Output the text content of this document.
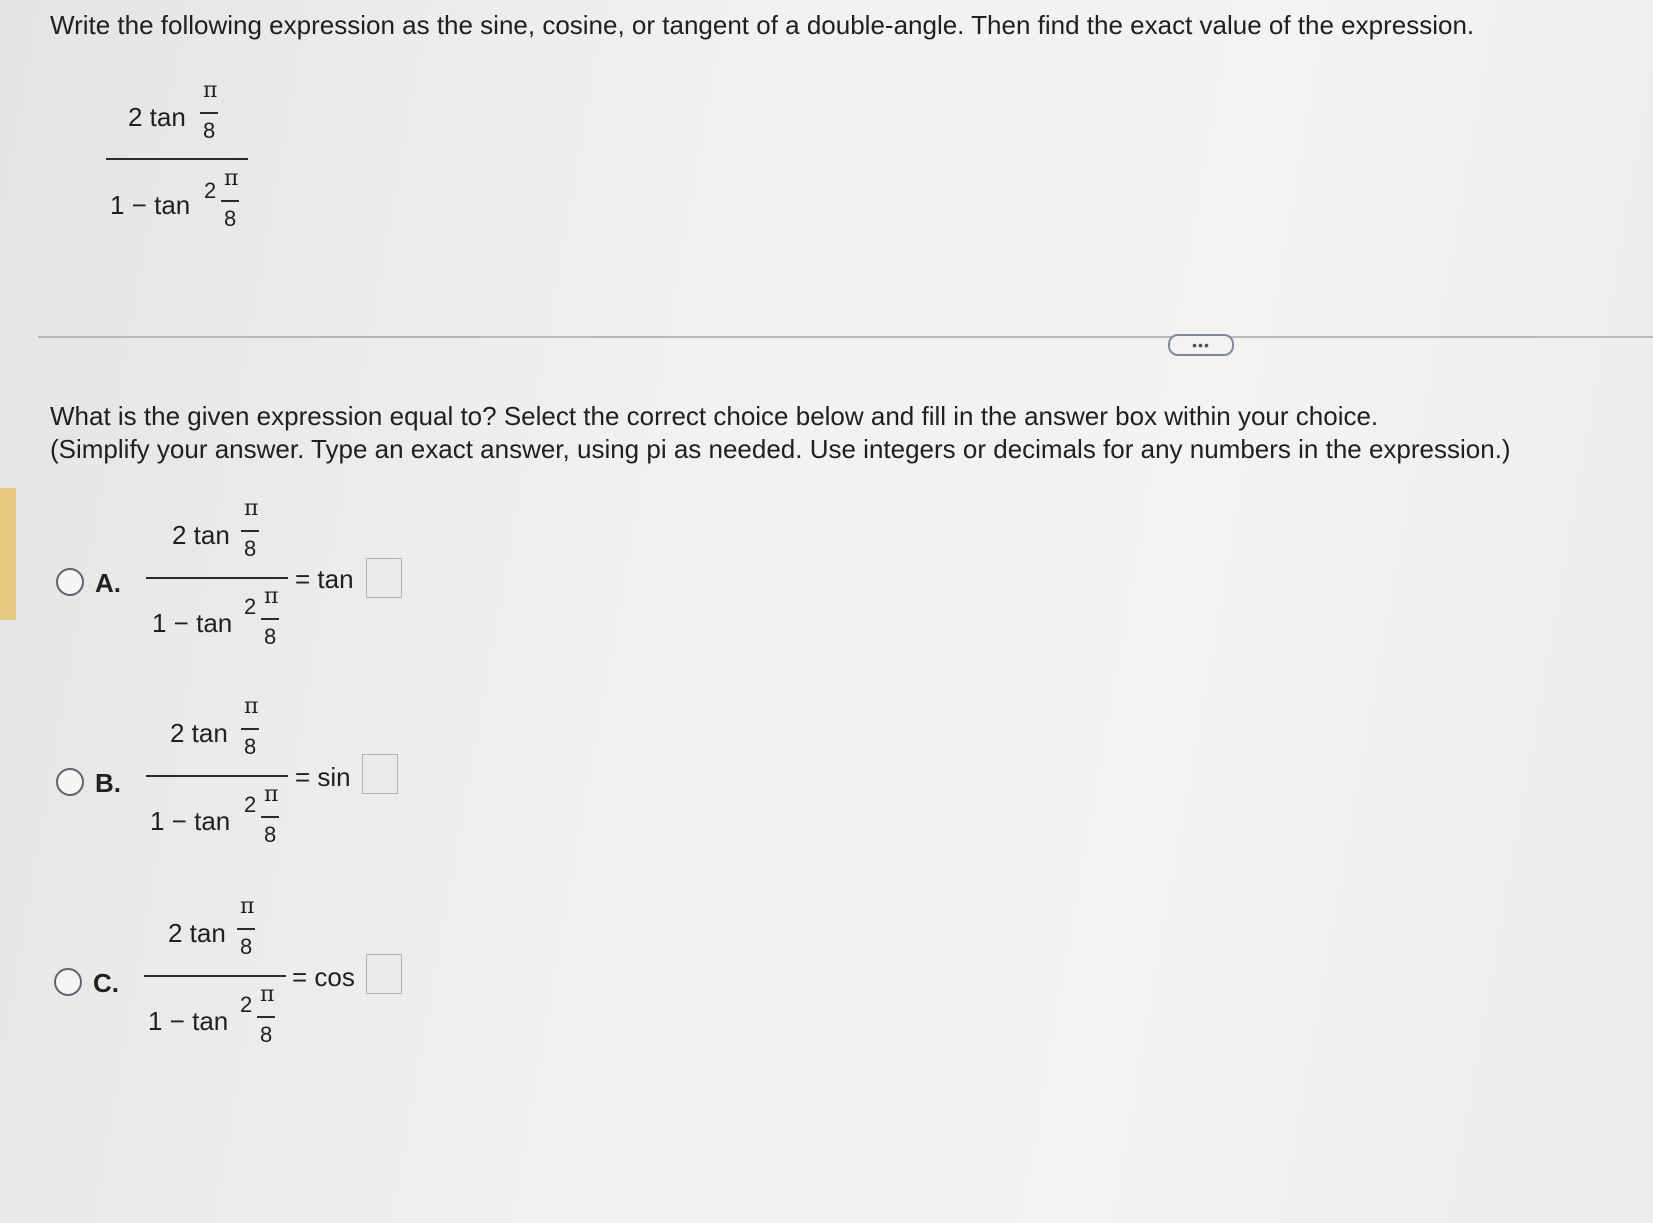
Write the following expression as the sine, cosine, or tangent of a double-angle. Then find the exact value of the expression.
2 tan
π
8
1 − tan 2 π
8
•••
What is the given expression equal to? Select the correct choice below and fill in the answer box within your choice.
(Simplify your answer. Type an exact answer, using pi as needed. Use integers or decimals for any numbers in the expression.)
A.
2 tan
π
8
1 − tan
2 π
8
= tan
B.
2 tan
π
8
1 − tan
2 π
8
= sin
C.
2 tan
π
8
1 − tan
2 π
8
= cos
